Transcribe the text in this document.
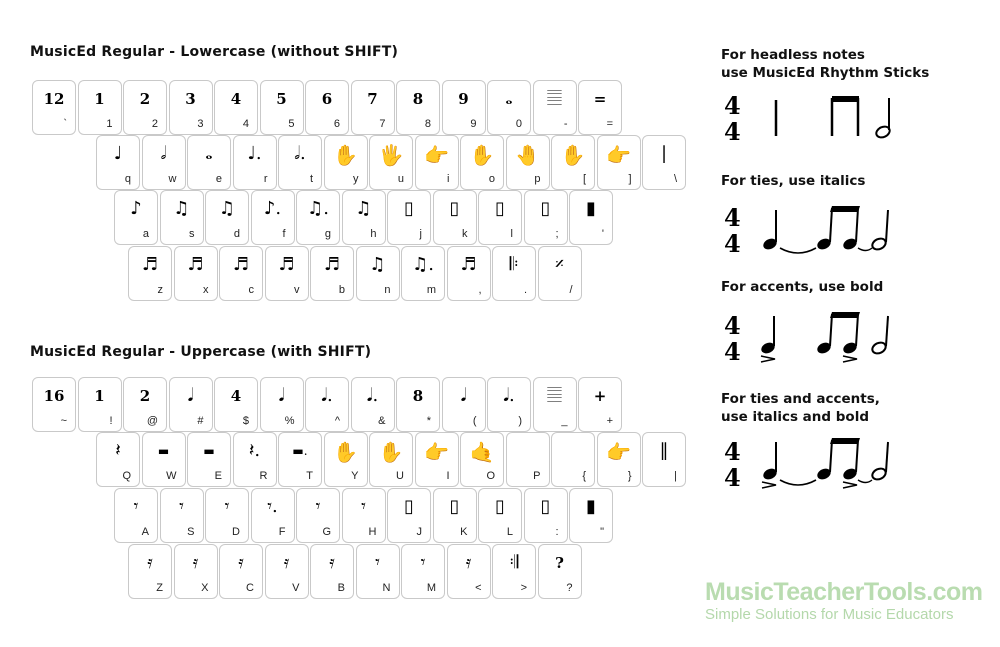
MusicEd Regular - Lowercase (without SHIFT)
MusicEd Regular - Uppercase (with SHIFT)
12
`
1
1
2
2
3
3
4
4
5
5
6
6
7
7
8
8
9
9
𝅝
0
𝄚
-
=
=
♩
q
𝅗𝅥
w
𝅝
e
♩.
r
𝅗𝅥.
t
✋
y
🖐
u
👉
i
✋
o
🤚
p
✋
[
👉
]
|
\
♪
a
♫
s
♫
d
♪.
f
♫.
g
♫
h
▯
j
▯
k
▯
l
▯
;
▮
'
♬
z
♬
x
♬
c
♬
v
♬
b
♫
n
♫.
m
♬
,
𝄆
.
𝄎
/
16
~
1
!
2
@
𝅘𝅥
#
4
$
𝅘𝅥
%
𝅘𝅥.
^
𝅘𝅥.
&
8
*
𝅘𝅥
(
𝅘𝅥.
)
𝄚
_
+
+
𝄽
Q
▬
W
▬
E
𝄽.
R
▬.
T
✋
Y
✋
U
👉
I
🤙
O	P	{
👉
}
‖
|
𝄾
A
𝄾
S
𝄾
D
𝄾.
F
𝄾
G
𝄾
H
▯
J
▯
K
▯
L
▯
:
▮
"
𝄿
Z
𝄿
X
𝄿
C
𝄿
V
𝄿
B
𝄾
N
𝄾
M
𝄿
<
𝄇
>
?
?
For headless notes
use MusicEd Rhythm Sticks
4
4
For ties, use italics
4
4
For accents, use bold
4
4
For ties and accents,
use italics and bold
4
4
MusicTeacherTools.com
Simple Solutions for Music Educators
